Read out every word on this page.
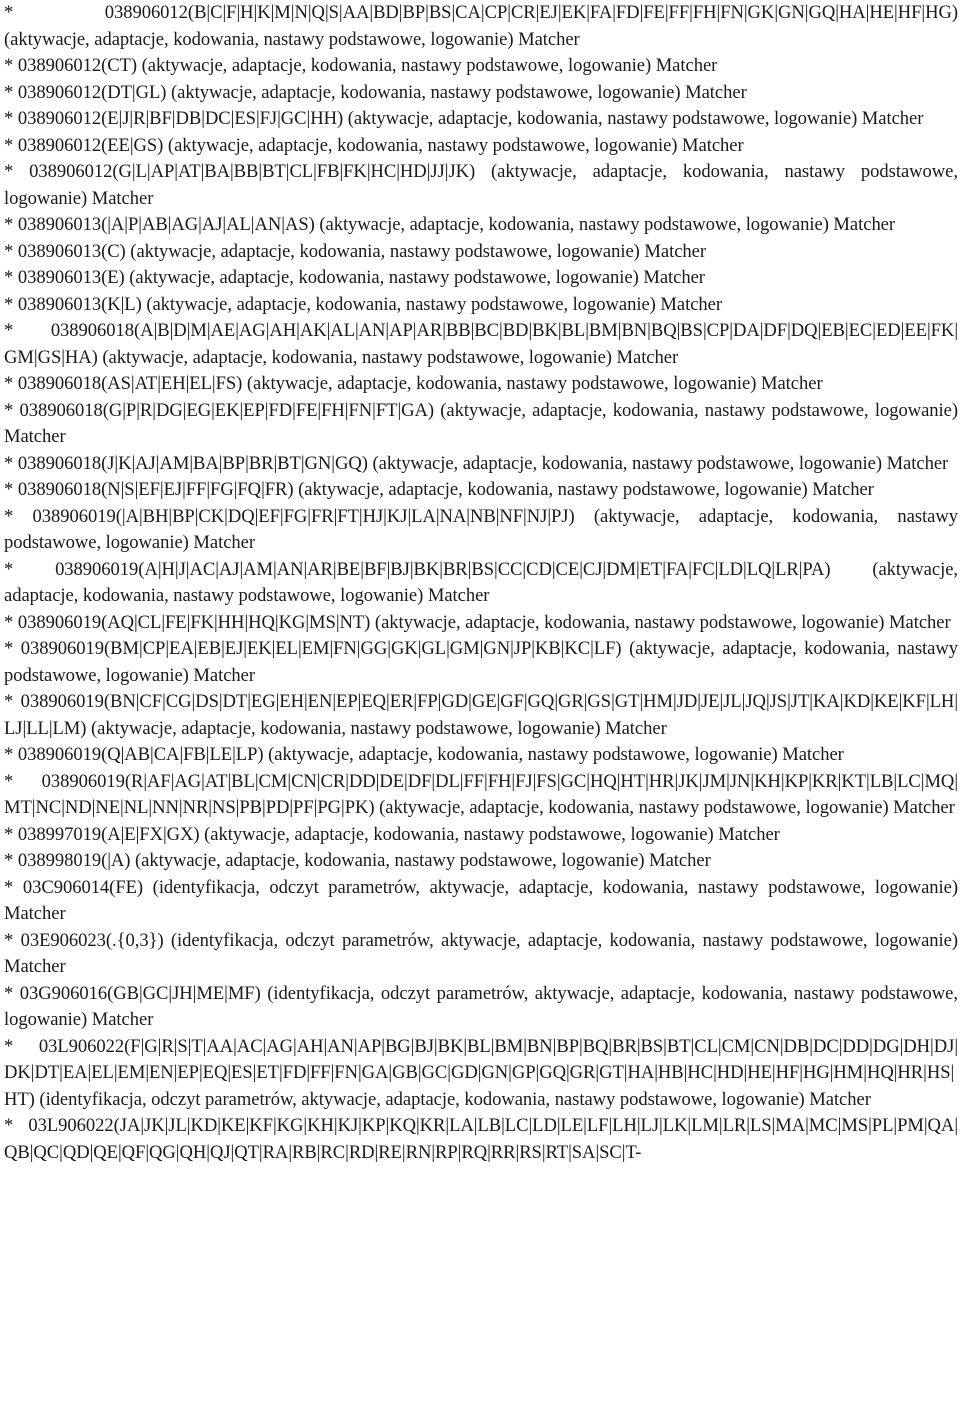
* 038906012(B|C|F|H|K|M|N|Q|S|AA|BD|BP|BS|CA|CP|CR|EJ|EK|FA|FD|FE|FF|FH|FN|GK|GN|GQ|HA|HE|HF|HG) (aktywacje, adaptacje, kodowania, nastawy podstawowe, logowanie) Matcher
* 038906012(CT) (aktywacje, adaptacje, kodowania, nastawy podstawowe, logowanie) Matcher
* 038906012(DT|GL) (aktywacje, adaptacje, kodowania, nastawy podstawowe, logowanie) Matcher
* 038906012(E|J|R|BF|DB|DC|ES|FJ|GC|HH) (aktywacje, adaptacje, kodowania, nastawy podstawowe, logowanie) Matcher
* 038906012(EE|GS) (aktywacje, adaptacje, kodowania, nastawy podstawowe, logowanie) Matcher
* 038906012(G|L|AP|AT|BA|BB|BT|CL|FB|FK|HC|HD|JJ|JK) (aktywacje, adaptacje, kodowania, nastawy podstawowe, logowanie) Matcher
* 038906013(|A|P|AB|AG|AJ|AL|AN|AS) (aktywacje, adaptacje, kodowania, nastawy podstawowe, logowanie) Matcher
* 038906013(C) (aktywacje, adaptacje, kodowania, nastawy podstawowe, logowanie) Matcher
* 038906013(E) (aktywacje, adaptacje, kodowania, nastawy podstawowe, logowanie) Matcher
* 038906013(K|L) (aktywacje, adaptacje, kodowania, nastawy podstawowe, logowanie) Matcher
* 038906018(A|B|D|M|AE|AG|AH|AK|AL|AN|AP|AR|BB|BC|BD|BK|BL|BM|BN|BQ|BS|CP|DA|DF|DQ|EB|EC|ED|EE|FK|GM|GS|HA) (aktywacje, adaptacje, kodowania, nastawy podstawowe, logowanie) Matcher
* 038906018(AS|AT|EH|EL|FS) (aktywacje, adaptacje, kodowania, nastawy podstawowe, logowanie) Matcher
* 038906018(G|P|R|DG|EG|EK|EP|FD|FE|FH|FN|FT|GA) (aktywacje, adaptacje, kodowania, nastawy podstawowe, logowanie) Matcher
* 038906018(J|K|AJ|AM|BA|BP|BR|BT|GN|GQ) (aktywacje, adaptacje, kodowania, nastawy podstawowe, logowanie) Matcher
* 038906018(N|S|EF|EJ|FF|FG|FQ|FR) (aktywacje, adaptacje, kodowania, nastawy podstawowe, logowanie) Matcher
* 038906019(|A|BH|BP|CK|DQ|EF|FG|FR|FT|HJ|KJ|LA|NA|NB|NF|NJ|PJ) (aktywacje, adaptacje, kodowania, nastawy podstawowe, logowanie) Matcher
* 038906019(A|H|J|AC|AJ|AM|AN|AR|BE|BF|BJ|BK|BR|BS|CC|CD|CE|CJ|DM|ET|FA|FC|LD|LQ|LR|PA) (aktywacje, adaptacje, kodowania, nastawy podstawowe, logowanie) Matcher
* 038906019(AQ|CL|FE|FK|HH|HQ|KG|MS|NT) (aktywacje, adaptacje, kodowania, nastawy podstawowe, logowanie) Matcher
* 038906019(BM|CP|EA|EB|EJ|EK|EL|EM|FN|GG|GK|GL|GM|GN|JP|KB|KC|LF) (aktywacje, adaptacje, kodowania, nastawy podstawowe, logowanie) Matcher
* 038906019(BN|CF|CG|DS|DT|EG|EH|EN|EP|EQ|ER|FP|GD|GE|GF|GQ|GR|GS|GT|HM|JD|JE|JL|JQ|JS|JT|KA|KD|KE|KF|LH|LJ|LL|LM) (aktywacje, adaptacje, kodowania, nastawy podstawowe, logowanie) Matcher
* 038906019(Q|AB|CA|FB|LE|LP) (aktywacje, adaptacje, kodowania, nastawy podstawowe, logowanie) Matcher
* 038906019(R|AF|AG|AT|BL|CM|CN|CR|DD|DE|DF|DL|FF|FH|FJ|FS|GC|HQ|HT|HR|JK|JM|JN|KH|KP|KR|KT|LB|LC|MQ|MT|NC|ND|NE|NL|NN|NR|NS|PB|PD|PF|PG|PK) (aktywacje, adaptacje, kodowania, nastawy podstawowe, logowanie) Matcher
* 038997019(A|E|FX|GX) (aktywacje, adaptacje, kodowania, nastawy podstawowe, logowanie) Matcher
* 038998019(|A) (aktywacje, adaptacje, kodowania, nastawy podstawowe, logowanie) Matcher
* 03C906014(FE) (identyfikacja, odczyt parametrów, aktywacje, adaptacje, kodowania, nastawy podstawowe, logowanie) Matcher
* 03E906023(.{0,3}) (identyfikacja, odczyt parametrów, aktywacje, adaptacje, kodowania, nastawy podstawowe, logowanie) Matcher
* 03G906016(GB|GC|JH|ME|MF) (identyfikacja, odczyt parametrów, aktywacje, adaptacje, kodowania, nastawy podstawowe, logowanie) Matcher
* 03L906022(F|G|R|S|T|AA|AC|AG|AH|AN|AP|BG|BJ|BK|BL|BM|BN|BP|BQ|BR|BS|BT|CL|CM|CN|DB|DC|DD|DG|DH|DJ|DK|DT|EA|EL|EM|EN|EP|EQ|ES|ET|FD|FF|FN|GA|GB|GC|GD|GN|GP|GQ|GR|GT|HA|HB|HC|HD|HE|HF|HG|HM|HQ|HR|HS|HT) (identyfikacja, odczyt parametrów, aktywacje, adaptacje, kodowania, nastawy podstawowe, logowanie) Matcher
* 03L906022(JA|JK|JL|KD|KE|KF|KG|KH|KJ|KP|KQ|KR|LA|LB|LC|LD|LE|LF|LH|LJ|LK|LM|LR|LS|MA|MC|MS|PL|PM|QA|QB|QC|QD|QE|QF|QG|QH|QJ|QT|RA|RB|RC|RD|RE|RN|RP|RQ|RR|RS|RT|SA|SC|T-
